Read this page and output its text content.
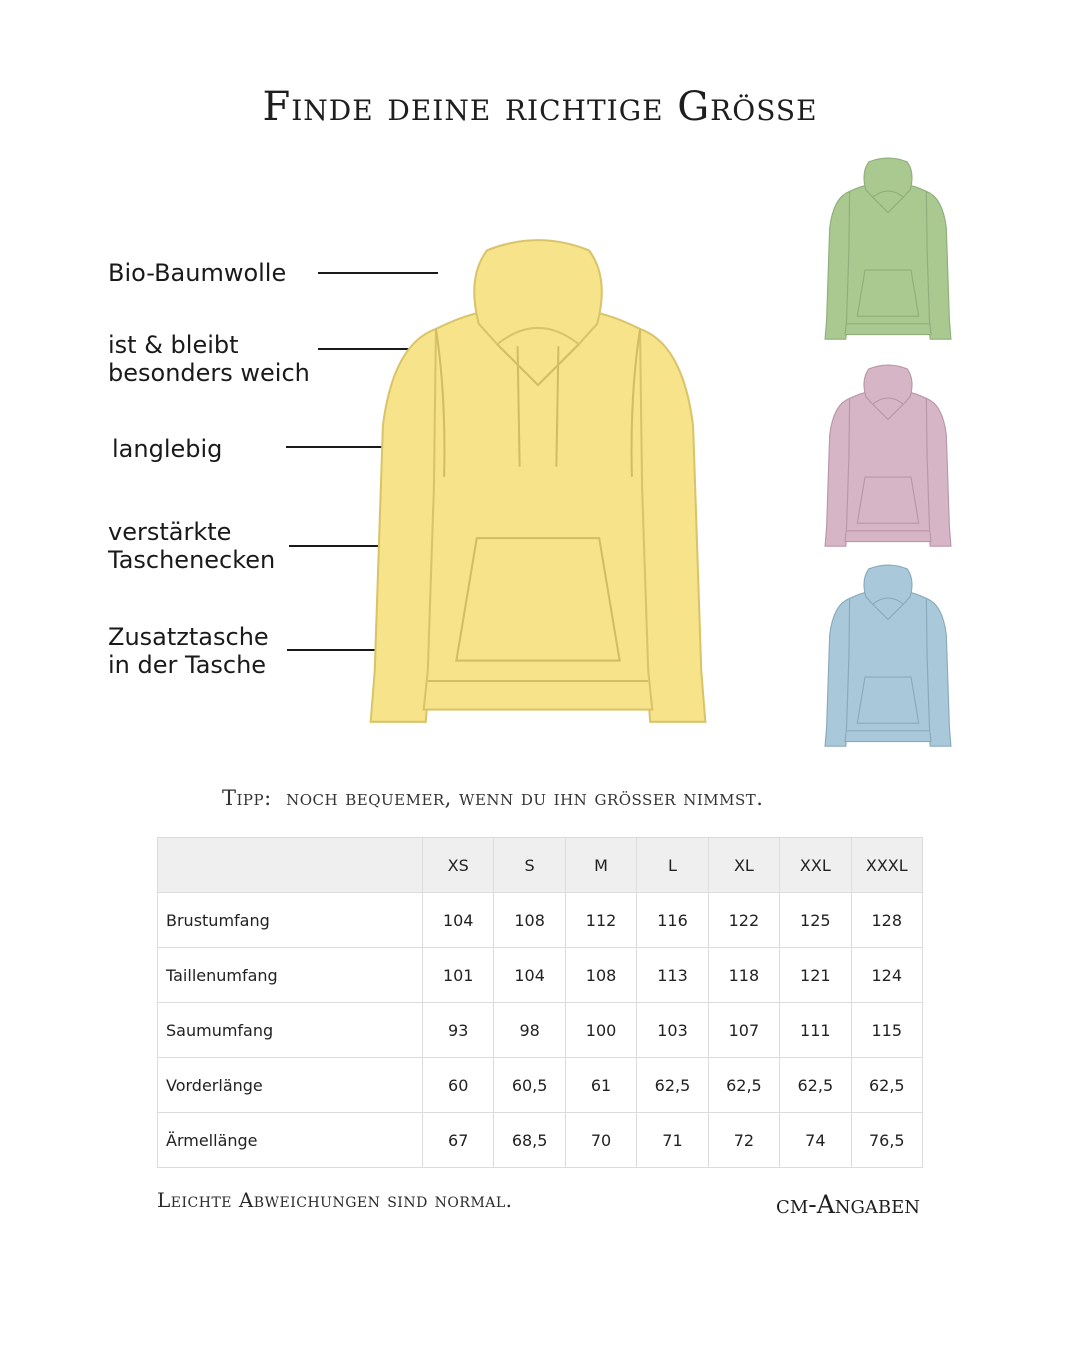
Finde deine richtige Grösse
Bio-Baumwolle
ist & bleibt
besonders weich
langlebig
verstärkte
Taschenecken
Zusatztasche
in der Tasche
Tipp: noch bequemer, wenn du ihn grösser nimmst.
	XS	S	M	L	XL	XXL	XXXL
Brustumfang	104	108	112	116	122	125	128
Taillenumfang	101	104	108	113	118	121	124
Saumumfang	93	98	100	103	107	111	115
Vorderlänge	60	60,5	61	62,5	62,5	62,5	62,5
Ärmellänge	67	68,5	70	71	72	74	76,5
Leichte Abweichungen sind normal.	cm-Angaben
